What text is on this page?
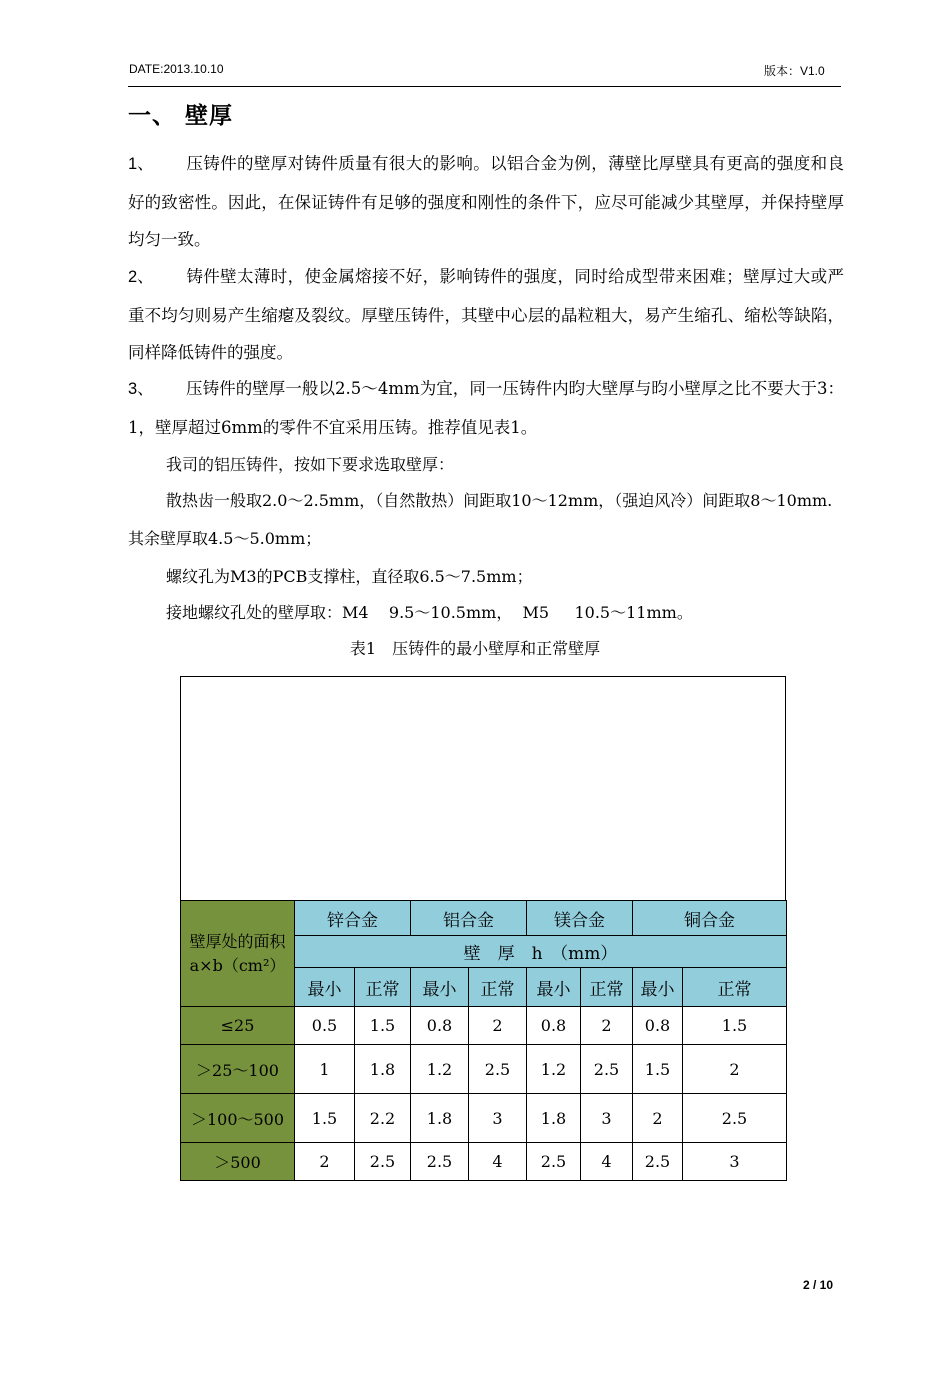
DATE:2013.10.10	版本：V1.0
一、 壁厚
1、 压铸件的壁厚对铸件质量有很大的影响。以铝合金为例，薄壁比厚壁具有更高的强度和良好的致密性。因此，在保证铸件有足够的强度和刚性的条件下，应尽可能减少其壁厚，并保持壁厚均匀一致。
2、 铸件壁太薄时，使金属熔接不好，影响铸件的强度，同时给成型带来困难；壁厚过大或严重不均匀则易产生缩瘪及裂纹。厚壁压铸件，其壁中心层的晶粒粗大，易产生缩孔、缩松等缺陷，同样降低铸件的强度。
3、 压铸件的壁厚一般以2.5～4mm为宜，同一压铸件内昀大壁厚与昀小壁厚之比不要大于3：1，壁厚超过6mm的零件不宜采用压铸。推荐值见表1。
我司的铝压铸件，按如下要求选取壁厚：
散热齿一般取2.0～2.5mm，（自然散热）间距取10～12mm，（强迫风冷）间距取8～10mm.其余壁厚取4.5～5.0mm；
螺纹孔为M3的PCB支撑柱，直径取6.5～7.5mm；
接地螺纹孔处的壁厚取：M4    9.5～10.5mm，  M5     10.5～11mm。
表1 压铸件的最小壁厚和正常壁厚
壁厚处的面积 a×b（cm²）	锌合金		铝合金		镁合金		铜合金	
	壁　厚　h　（mm）							
	最小	正常	最小	正常	最小	正常	最小	正常
≤25	0.5	1.5	0.8	2	0.8	2	0.8	1.5
＞25～100	1	1.8	1.2	2.5	1.2	2.5	1.5	2
＞100～500	1.5	2.2	1.8	3	1.8	3	2	2.5
＞500	2	2.5	2.5	4	2.5	4	2.5	3
2 / 10
